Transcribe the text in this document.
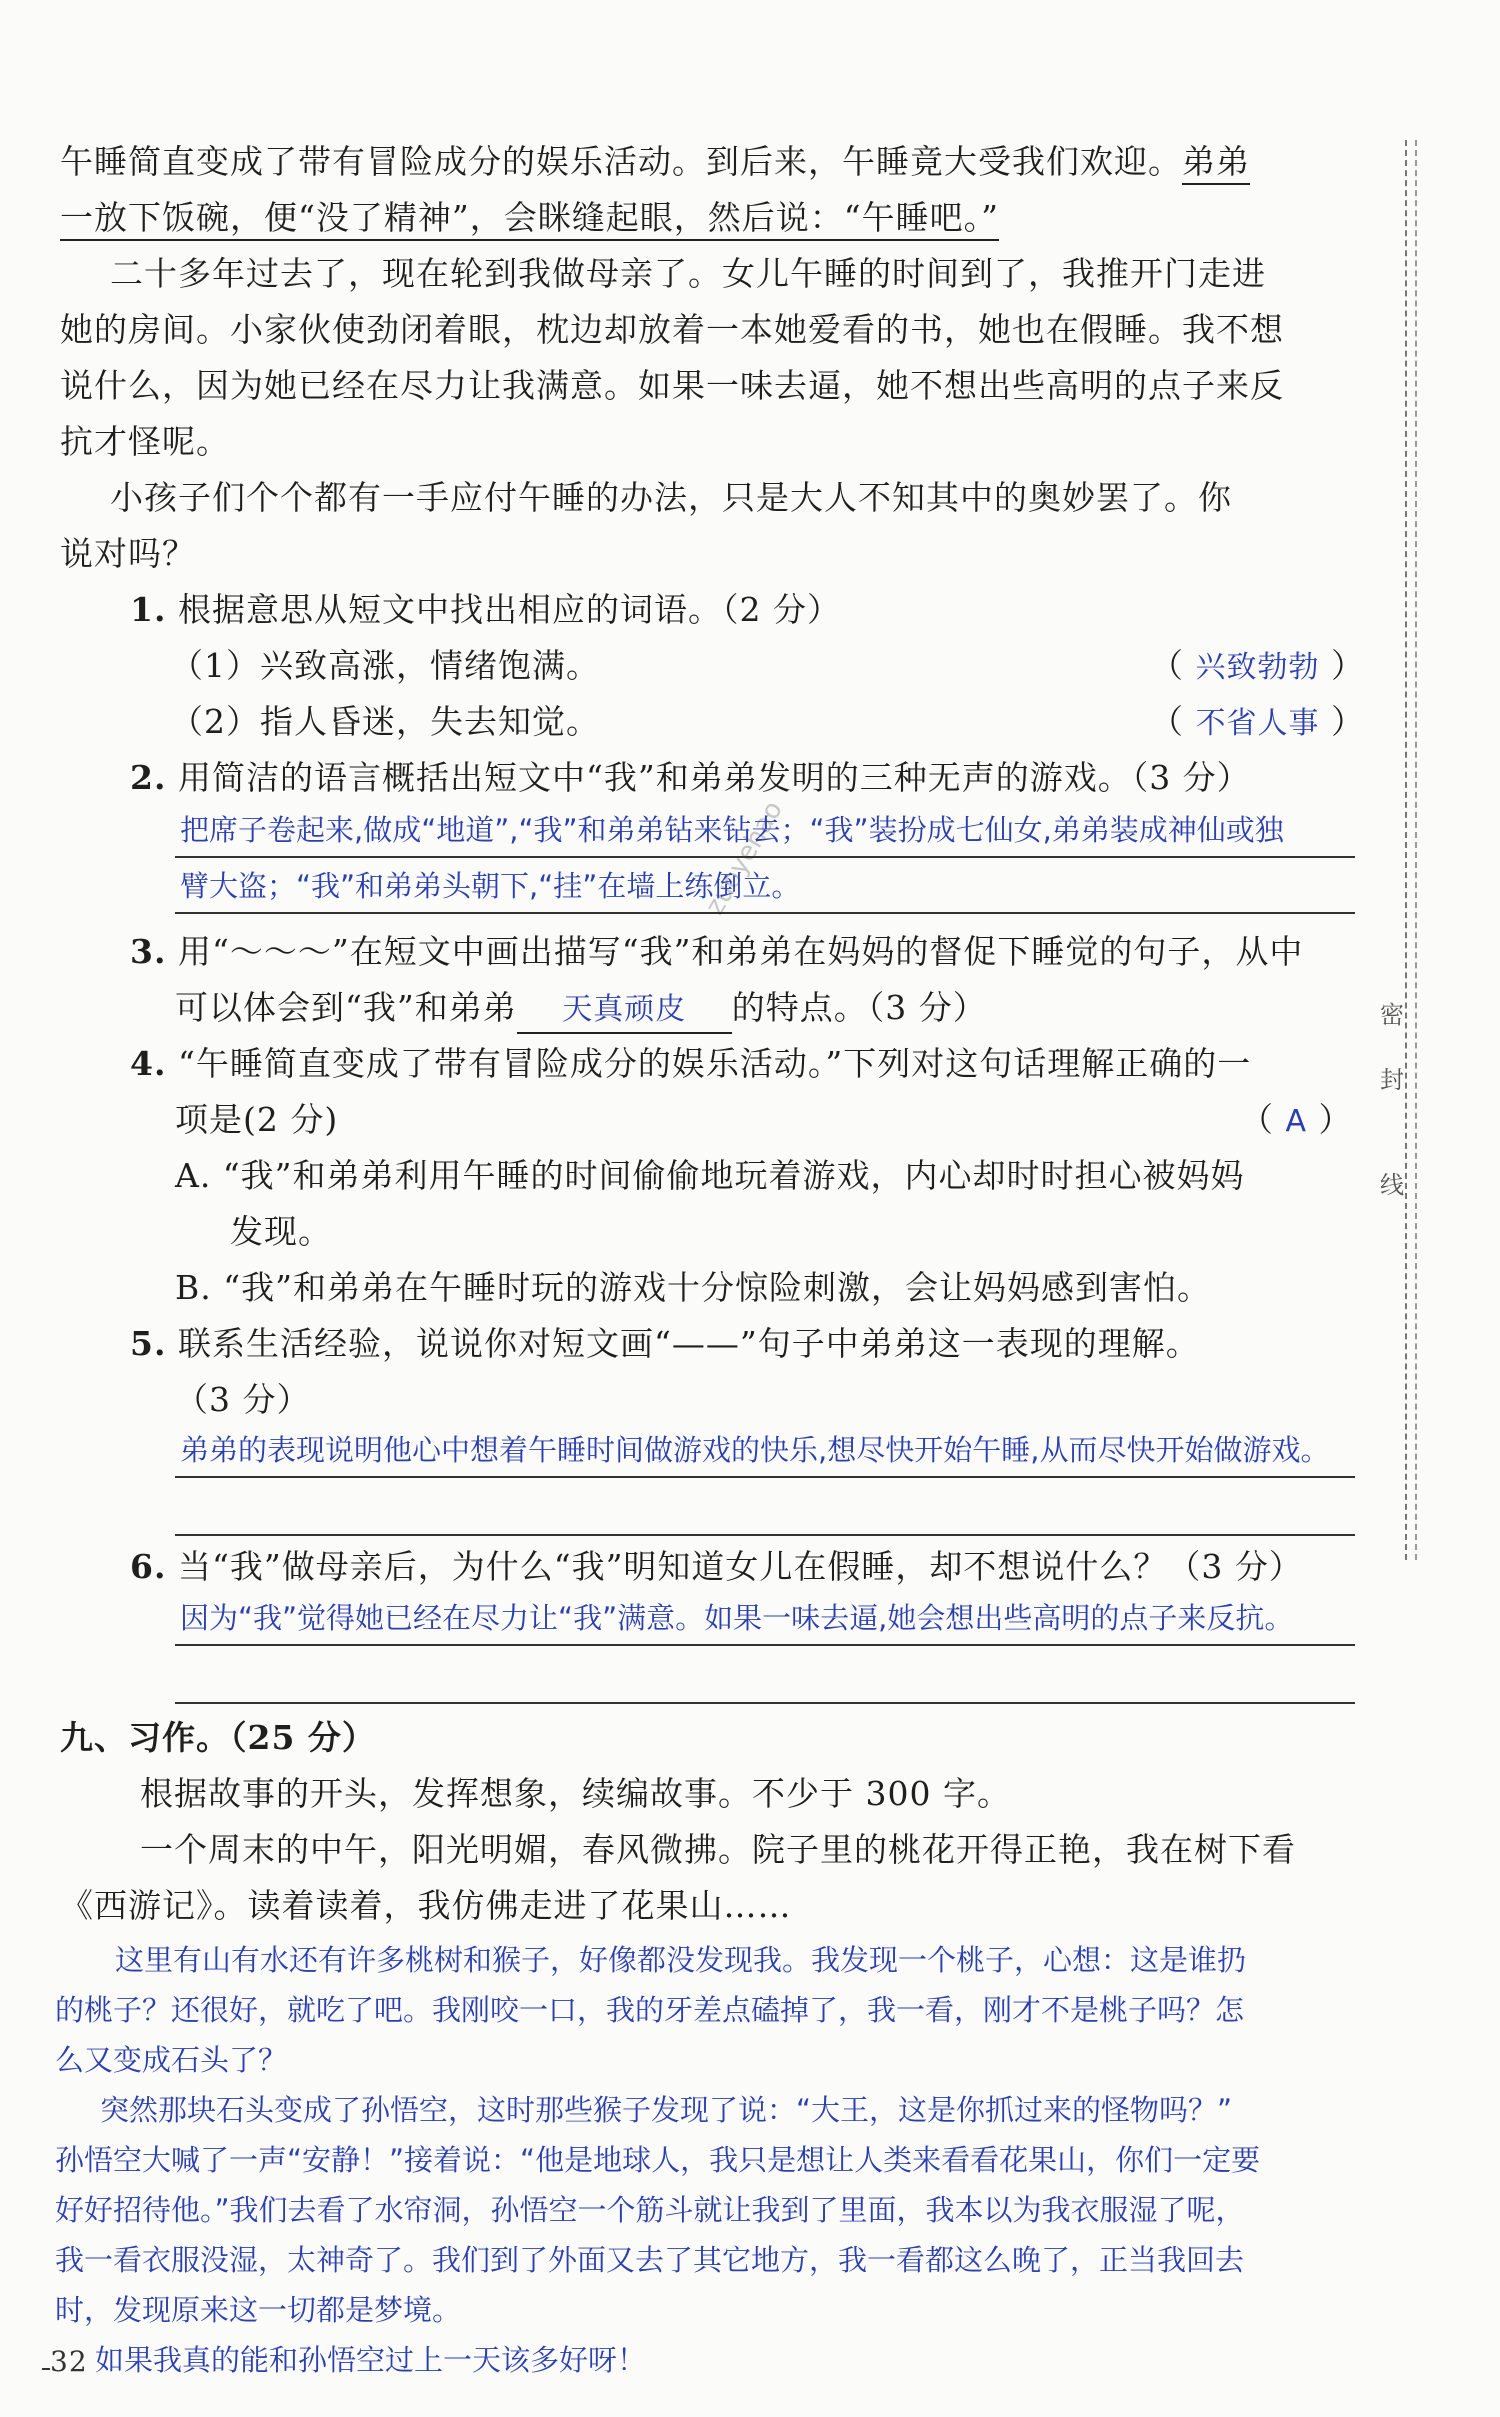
密
封
线
zuoyehao
午睡简直变成了带有冒险成分的娱乐活动。到后来，午睡竟大受我们欢迎。弟弟
一放下饭碗，便“没了精神”，会眯缝起眼，然后说：“午睡吧。”
二十多年过去了，现在轮到我做母亲了。女儿午睡的时间到了，我推开门走进
她的房间。小家伙使劲闭着眼，枕边却放着一本她爱看的书，她也在假睡。我不想
说什么，因为她已经在尽力让我满意。如果一味去逼，她不想出些高明的点子来反
抗才怪呢。
小孩子们个个都有一手应付午睡的办法，只是大人不知其中的奥妙罢了。你
说对吗？
1. 根据意思从短文中找出相应的词语。（2 分）
（1）兴致高涨，情绪饱满。	（ 兴致勃勃 ）
（2）指人昏迷，失去知觉。	（ 不省人事 ）
2. 用简洁的语言概括出短文中“我”和弟弟发明的三种无声的游戏。（3 分）
把席子卷起来,做成“地道”,“我”和弟弟钻来钻去；“我”装扮成七仙女,弟弟装成神仙或独
臂大盗；“我”和弟弟头朝下,“挂”在墙上练倒立。
3. 用“～～～”在短文中画出描写“我”和弟弟在妈妈的督促下睡觉的句子，从中
可以体会到“我”和弟弟 天真顽皮 的特点。（3 分）
4. “午睡简直变成了带有冒险成分的娱乐活动。”下列对这句话理解正确的一
项是(2 分)	（ A ）
A. “我”和弟弟利用午睡的时间偷偷地玩着游戏，内心却时时担心被妈妈
发现。
B. “我”和弟弟在午睡时玩的游戏十分惊险刺激，会让妈妈感到害怕。
5. 联系生活经验，说说你对短文画“——”句子中弟弟这一表现的理解。
（3 分）
弟弟的表现说明他心中想着午睡时间做游戏的快乐,想尽快开始午睡,从而尽快开始做游戏。
6. 当“我”做母亲后，为什么“我”明知道女儿在假睡，却不想说什么？（3 分）
因为“我”觉得她已经在尽力让“我”满意。如果一味去逼,她会想出些高明的点子来反抗。
九、习作。（25 分）
根据故事的开头，发挥想象，续编故事。不少于 300 字。
一个周末的中午，阳光明媚，春风微拂。院子里的桃花开得正艳，我在树下看
《西游记》。读着读着，我仿佛走进了花果山……
这里有山有水还有许多桃树和猴子，好像都没发现我。我发现一个桃子，心想：这是谁扔
的桃子？还很好，就吃了吧。我刚咬一口，我的牙差点磕掉了，我一看，刚才不是桃子吗？怎
么又变成石头了？
突然那块石头变成了孙悟空，这时那些猴子发现了说：“大王，这是你抓过来的怪物吗？”
孙悟空大喊了一声“安静！”接着说：“他是地球人，我只是想让人类来看看花果山，你们一定要
好好招待他。”我们去看了水帘洞，孙悟空一个筋斗就让我到了里面，我本以为我衣服湿了呢，
我一看衣服没湿，太神奇了。我们到了外面又去了其它地方，我一看都这么晚了，正当我回去
时，发现原来这一切都是梦境。
如果我真的能和孙悟空过上一天该多好呀！
32
